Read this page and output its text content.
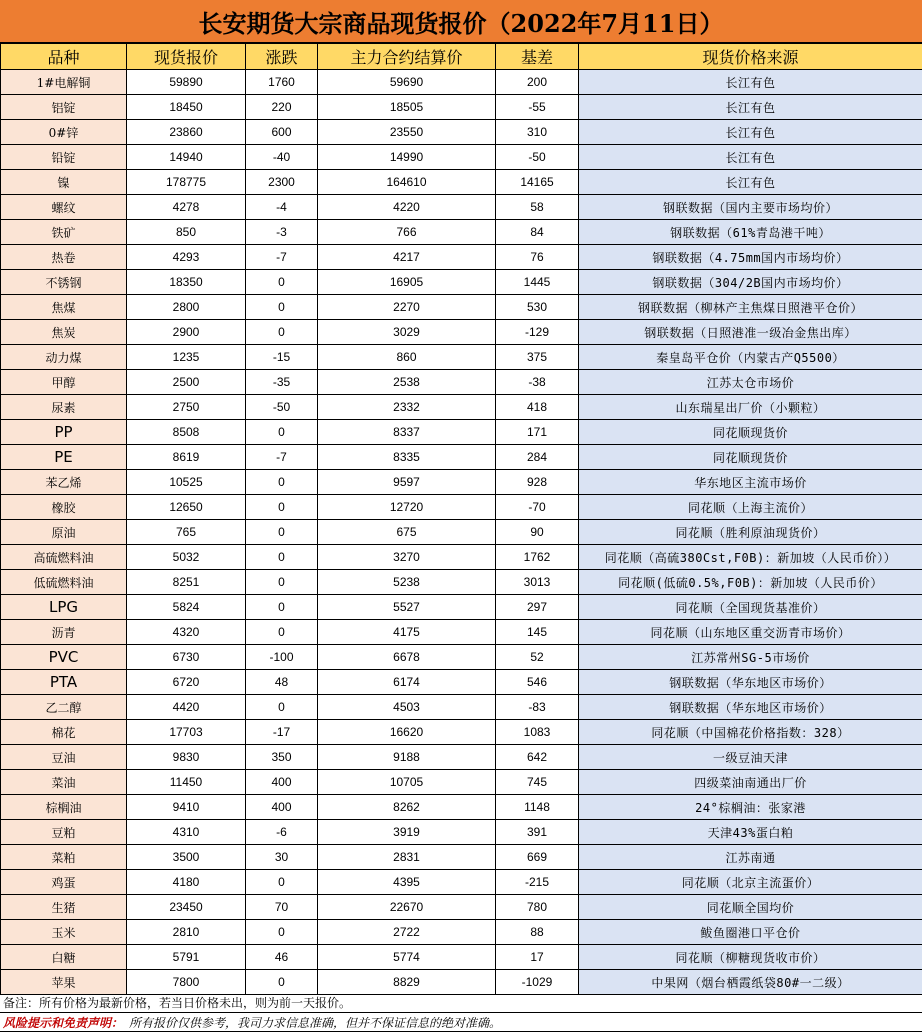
长安期货大宗商品现货报价（2022年7月11日）
品种	现货报价	涨跌	主力合约结算价	基差	现货价格来源
1#电解铜	59890	1760	59690	200	长江有色
铝锭	18450	220	18505	-55	长江有色
0#锌	23860	600	23550	310	长江有色
铅锭	14940	-40	14990	-50	长江有色
镍	178775	2300	164610	14165	长江有色
螺纹	4278	-4	4220	58	钢联数据（国内主要市场均价）
铁矿	850	-3	766	84	钢联数据（61%青岛港干吨）
热卷	4293	-7	4217	76	钢联数据（4.75mm国内市场均价）
不锈钢	18350	0	16905	1445	钢联数据（304/2B国内市场均价）
焦煤	2800	0	2270	530	钢联数据（柳林产主焦煤日照港平仓价）
焦炭	2900	0	3029	-129	钢联数据（日照港准一级冶金焦出库）
动力煤	1235	-15	860	375	秦皇岛平仓价（内蒙古产Q5500）
甲醇	2500	-35	2538	-38	江苏太仓市场价
尿素	2750	-50	2332	418	山东瑞星出厂价（小颗粒）
PP	8508	0	8337	171	同花顺现货价
PE	8619	-7	8335	284	同花顺现货价
苯乙烯	10525	0	9597	928	华东地区主流市场价
橡胶	12650	0	12720	-70	同花顺（上海主流价）
原油	765	0	675	90	同花顺（胜利原油现货价）
高硫燃料油	5032	0	3270	1762	同花顺（高硫380Cst,F0B)：新加坡（人民币价））
低硫燃料油	8251	0	5238	3013	同花顺(低硫0.5%,F0B)：新加坡（人民币价）
LPG	5824	0	5527	297	同花顺（全国现货基准价）
沥青	4320	0	4175	145	同花顺（山东地区重交沥青市场价）
PVC	6730	-100	6678	52	江苏常州SG-5市场价
PTA	6720	48	6174	546	钢联数据（华东地区市场价）
乙二醇	4420	0	4503	-83	钢联数据（华东地区市场价）
棉花	17703	-17	16620	1083	同花顺（中国棉花价格指数：328）
豆油	9830	350	9188	642	一级豆油天津
菜油	11450	400	10705	745	四级菜油南通出厂价
棕榈油	9410	400	8262	1148	24°棕榈油：张家港
豆粕	4310	-6	3919	391	天津43%蛋白粕
菜粕	3500	30	2831	669	江苏南通
鸡蛋	4180	0	4395	-215	同花顺（北京主流蛋价）
生猪	23450	70	22670	780	同花顺全国均价
玉米	2810	0	2722	88	鲅鱼圈港口平仓价
白糖	5791	46	5774	17	同花顺（柳糖现货收市价）
苹果	7800	0	8829	-1029	中果网（烟台栖霞纸袋80#一二级）
备注：所有价格为最新价格，若当日价格未出，则为前一天报价。
风险提示和免责声明： 所有报价仅供参考，我司力求信息准确，但并不保证信息的绝对准确。
